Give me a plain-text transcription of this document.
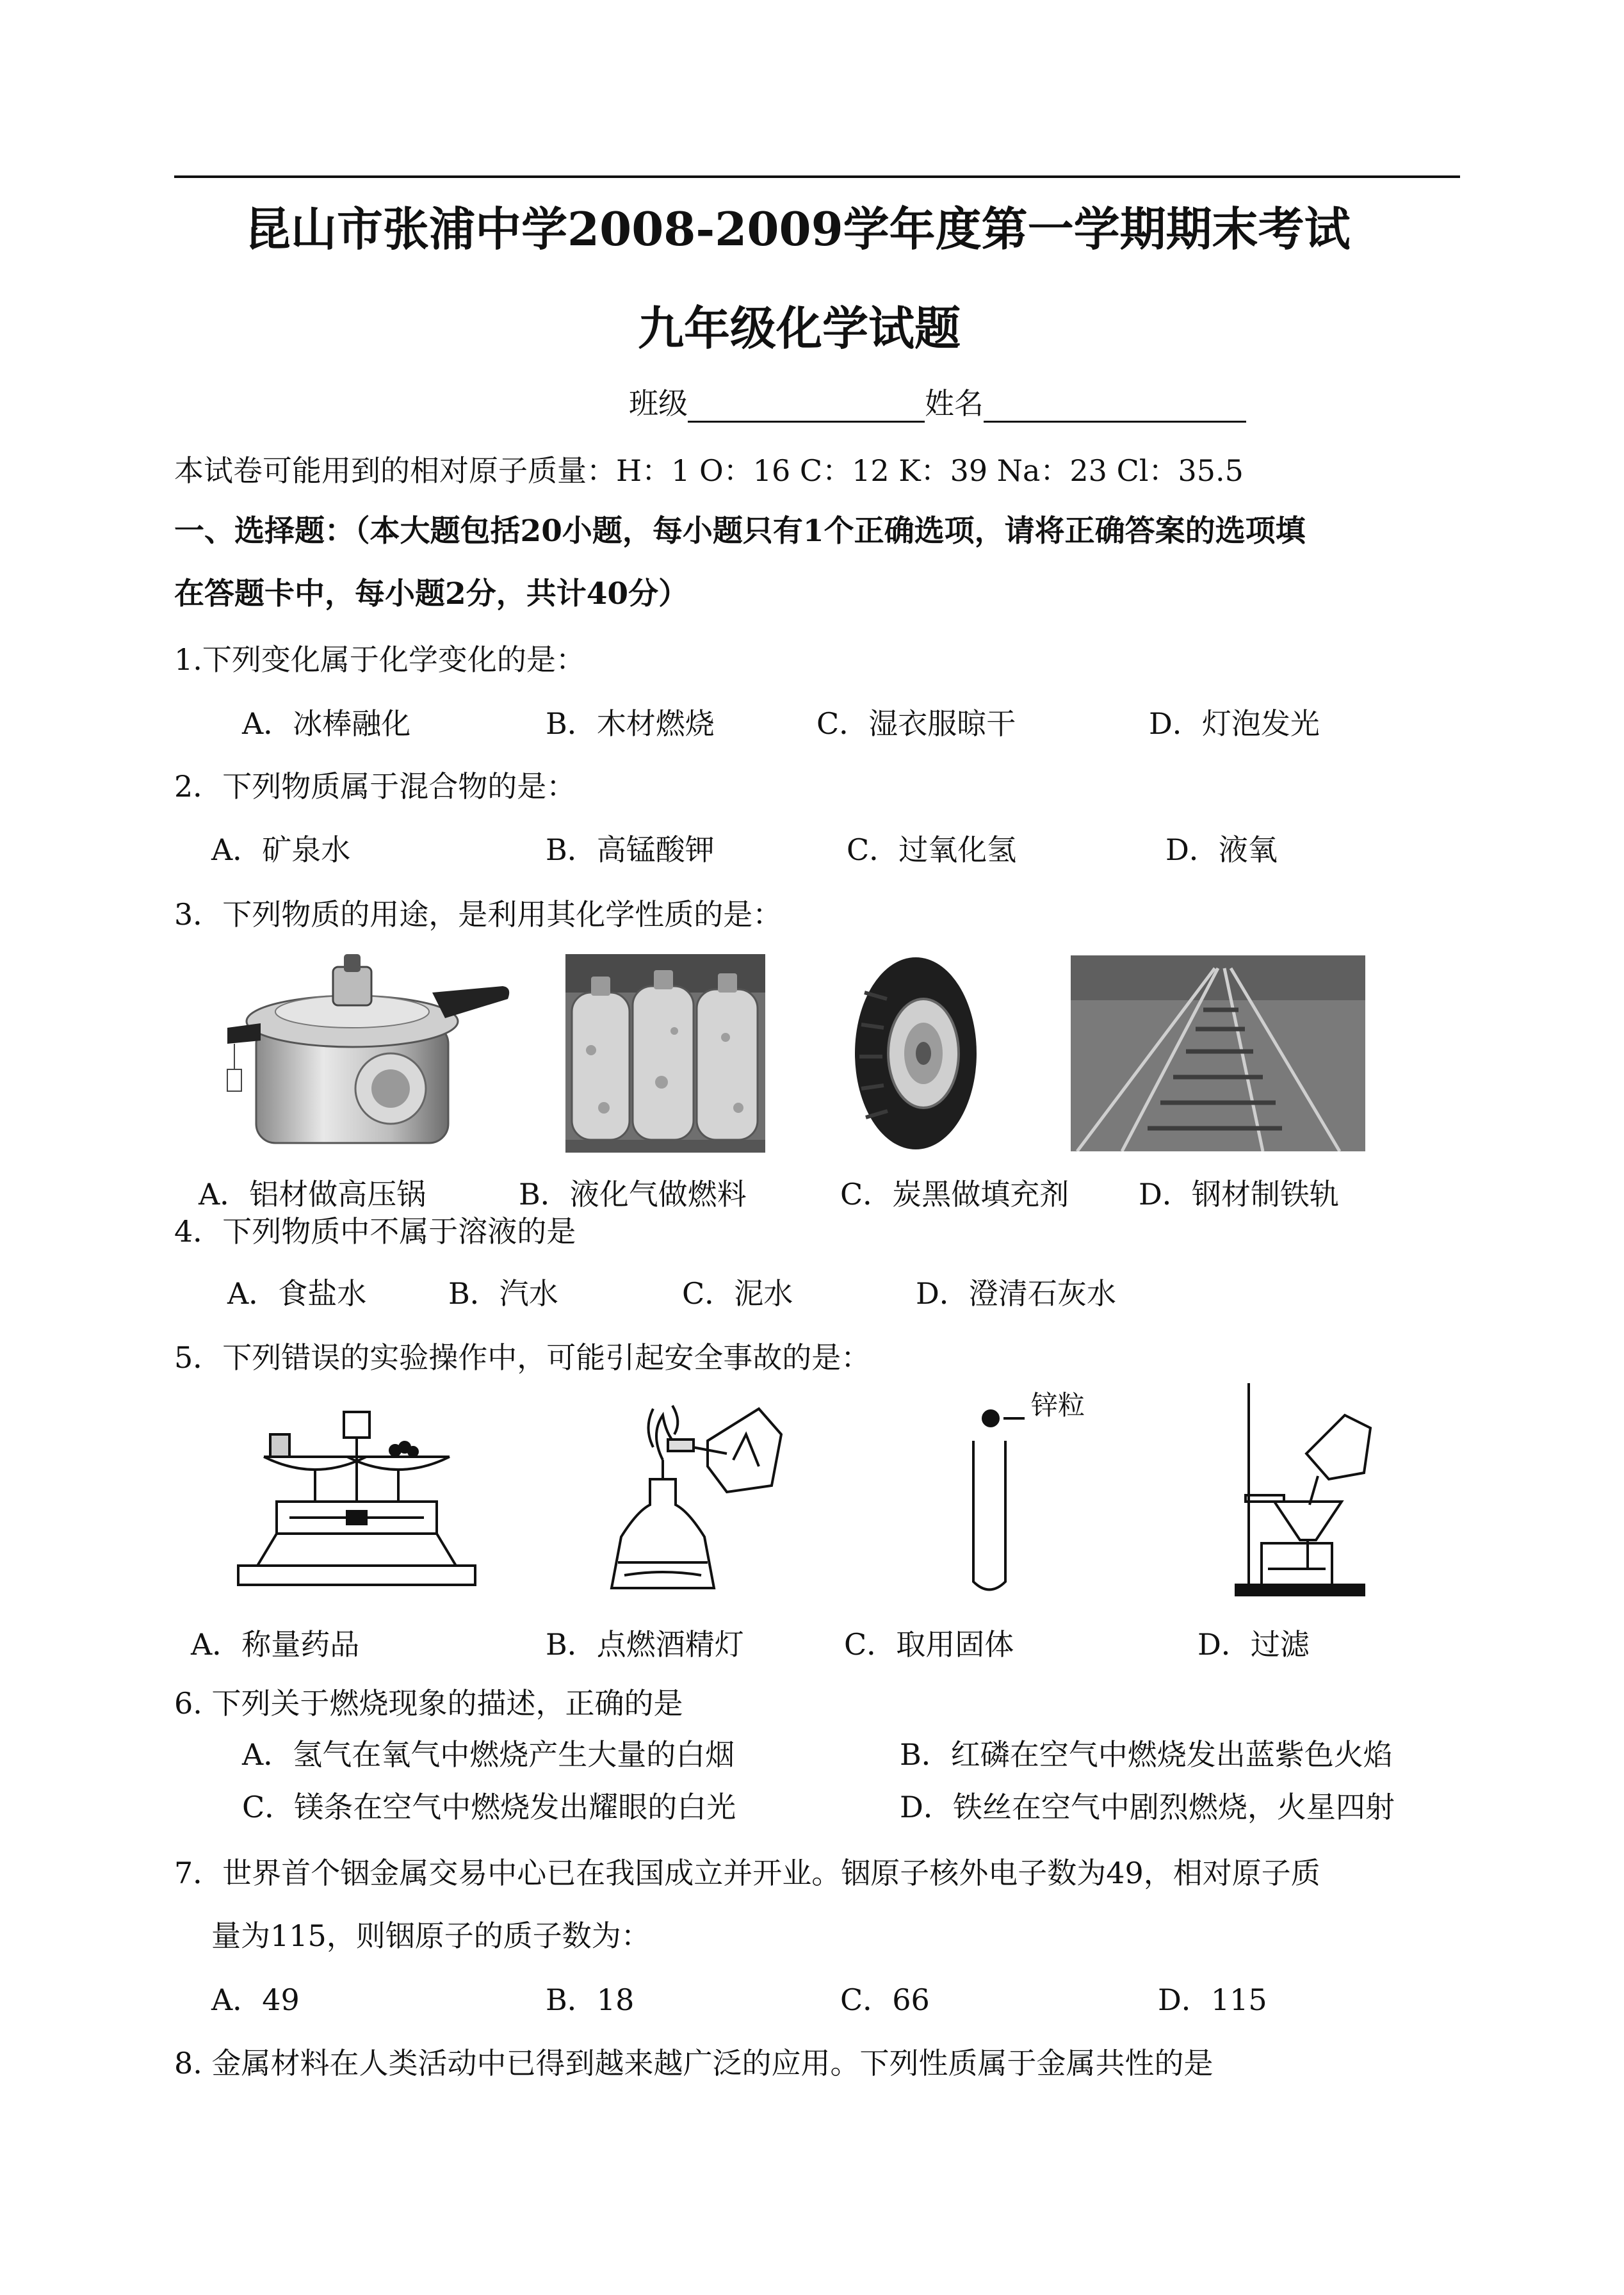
昆山市张浦中学2008-2009学年度第一学期期末考试
九年级化学试题
班级	姓名
本试卷可能用到的相对原子质量：H：1 O：16 C：12 K：39 Na：23 Cl：35.5
一、选择题：（本大题包括20小题，每小题只有1个正确选项，请将正确答案的选项填
在答题卡中，每小题2分，共计40分）
1.下列变化属于化学变化的是：
A．冰棒融化	B．木材燃烧	C．湿衣服晾干	D．灯泡发光
2．下列物质属于混合物的是：
A．矿泉水	B．高锰酸钾	C．过氧化氢	D．液氧
3．下列物质的用途，是利用其化学性质的是：
A．铝材做高压锅	B．液化气做燃料	C．炭黑做填充剂 D．钢材制铁轨
4．下列物质中不属于溶液的是
A．食盐水	B．汽水	C．泥水	D．澄清石灰水
5．下列错误的实验操作中，可能引起安全事故的是：
锌粒
A．称量药品	B．点燃酒精灯	C．取用固体	D．过滤
6. 下列关于燃烧现象的描述，正确的是
A．氢气在氧气中燃烧产生大量的白烟	B．红磷在空气中燃烧发出蓝紫色火焰
C．镁条在空气中燃烧发出耀眼的白光	D．铁丝在空气中剧烈燃烧，火星四射
7．世界首个铟金属交易中心已在我国成立并开业。铟原子核外电子数为49，相对原子质
量为115，则铟原子的质子数为：
A．49	B．18	C．66	D．115
8. 金属材料在人类活动中已得到越来越广泛的应用。下列性质属于金属共性的是
